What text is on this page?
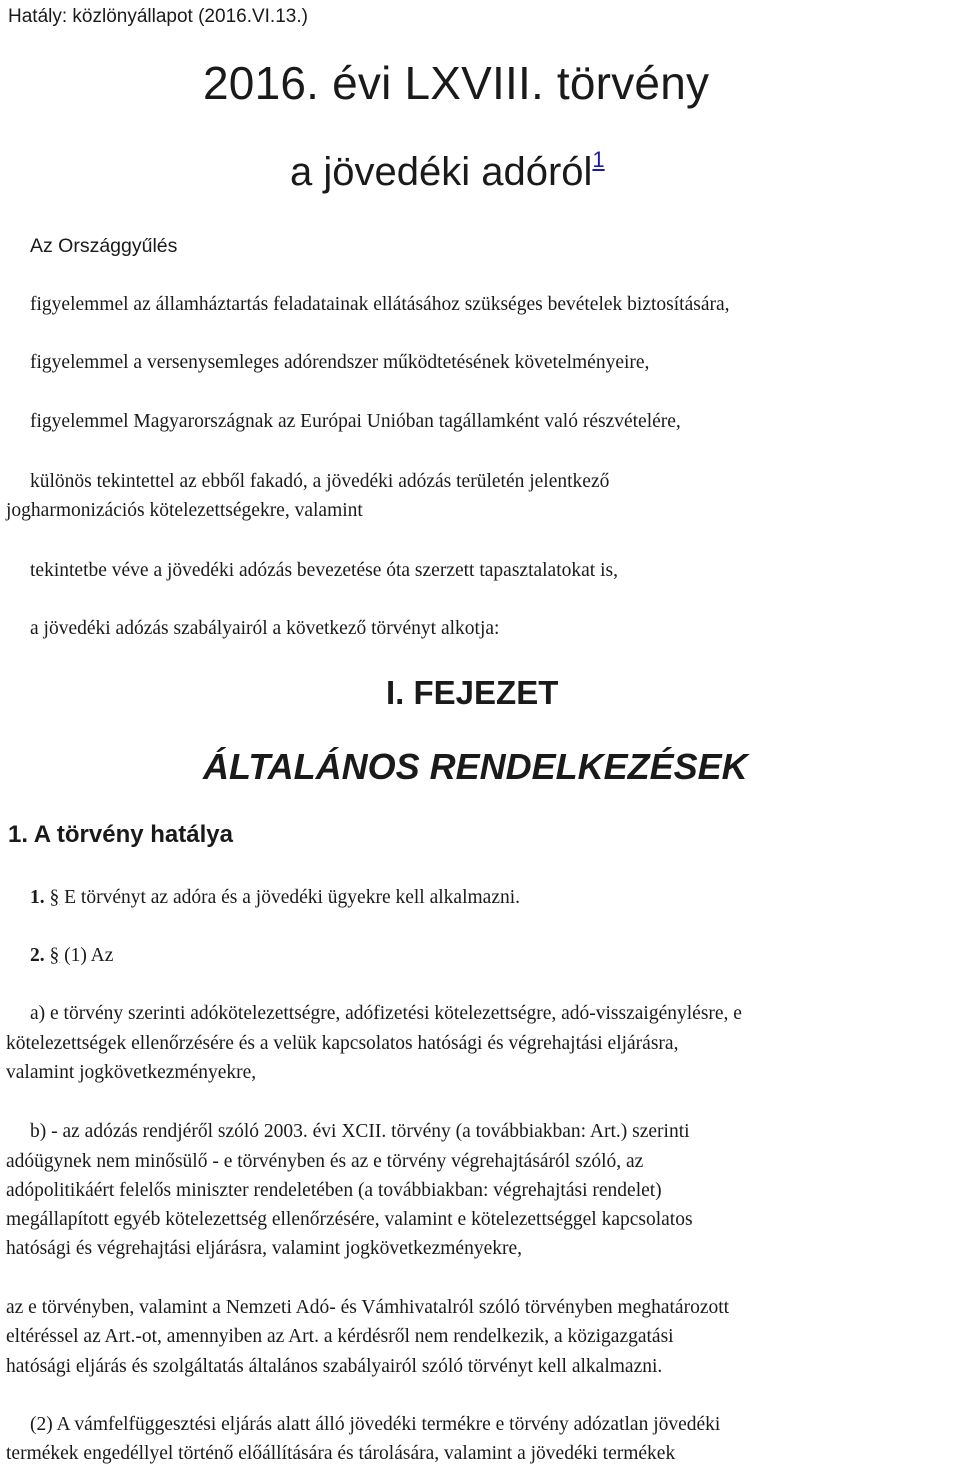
Hatály: közlönyállapot (2016.VI.13.)
2016. évi LXVIII. törvény
a jövedéki adóról$^1$
Az Országgyűlés
figyelemmel az államháztartás feladatainak ellátásához szükséges bevételek biztosítására,
figyelemmel a versenysemleges adórendszer működtetésének követelményeire,
figyelemmel Magyarországnak az Európai Unióban tagállamként való részvételére,
különös tekintettel az ebből fakadó, a jövedéki adózás területén jelentkező
jogharmonizációs kötelezettségekre, valamint
tekintetbe véve a jövedéki adózás bevezetése óta szerzett tapasztalatokat is,
a jövedéki adózás szabályairól a következő törvényt alkotja:
I. FEJEZET
ÁLTALÁNOS RENDELKEZÉSEK
1. A törvény hatálya
1. § E törvényt az adóra és a jövedéki ügyekre kell alkalmazni.
2. § (1) Az
a) e törvény szerinti adókötelezettségre, adófizetési kötelezettségre, adó-visszaigénylésre, e
kötelezettségek ellenőrzésére és a velük kapcsolatos hatósági és végrehajtási eljárásra,
valamint jogkövetkezményekre,
b) - az adózás rendjéről szóló 2003. évi XCII. törvény (a továbbiakban: Art.) szerinti
adóügynek nem minősülő - e törvényben és az e törvény végrehajtásáról szóló, az
adópolitikáért felelős miniszter rendeletében (a továbbiakban: végrehajtási rendelet)
megállapított egyéb kötelezettség ellenőrzésére, valamint e kötelezettséggel kapcsolatos
hatósági és végrehajtási eljárásra, valamint jogkövetkezményekre,
az e törvényben, valamint a Nemzeti Adó- és Vámhivatalról szóló törvényben meghatározott
eltéréssel az Art.-ot, amennyiben az Art. a kérdésről nem rendelkezik, a közigazgatási
hatósági eljárás és szolgáltatás általános szabályairól szóló törvényt kell alkalmazni.
(2) A vámfelfüggesztési eljárás alatt álló jövedéki termékre e törvény adózatlan jövedéki
termékek engedéllyel történő előállítására és tárolására, valamint a jövedéki termékek
